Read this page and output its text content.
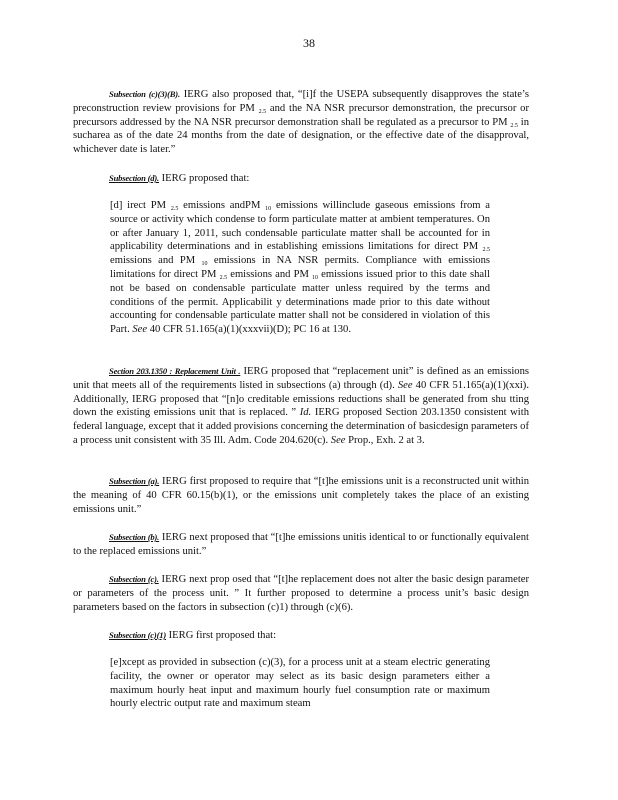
38

Subsection (c)(3)(B). IERG also proposed that, “[i]f the USEPA subsequently disapproves the state’s preconstruction review provisions for PM $_{2.5}$ and the NA NSR precursor demonstration, the precursor or precursors addressed by the NA NSR precursor demonstration shall be regulated as a precursor to PM $_{2.5}$ in sucharea as of the date 24 months from the date of designation, or the effective date of the disapproval, whichever date is later.”

Subsection (d). IERG proposed that:

[d] irect PM $_{2.5}$ emissions andPM $_{10}$ emissions willinclude gaseous emissions from a source or activity which condense to form particulate matter at ambient temperatures. On or after January 1, 2011, such condensable particulate matter shall be accounted for in applicability determinations and in establishing emissions limitations for direct PM $_{2.5}$ emissions and PM $_{10}$ emissions in NA NSR permits. Compliance with emissions limitations for direct PM $_{2.5}$ emissions and PM $_{10}$ emissions issued prior to this date shall not be based on condensable particulate matter unless required by the terms and conditions of the permit. Applicabilit y determinations made prior to this date without accounting for condensable particulate matter shall not be considered in violation of this Part. See 40 CFR 51.165(a)(1)(xxxvii)(D); PC 16 at 130.

Section 203.1350 : Replacement Unit . IERG proposed that “replacement unit” is defined as an emissions unit that meets all of the requirements listed in subsections (a) through (d). See 40 CFR 51.165(a)(1)(xxi). Additionally, IERG proposed that “[n]o creditable emissions reductions shall be generated from shu tting down the existing emissions unit that is replaced. ” Id. IERG proposed Section 203.1350 consistent with federal language, except that it added provisions concerning the determination of basicdesign parameters of a process unit consistent with 35 Ill. Adm. Code 204.620(c). See Prop., Exh. 2 at 3.

Subsection (a). IERG first proposed to require that “[t]he emissions unit is a reconstructed unit within the meaning of 40 CFR 60.15(b)(1), or the emissions unit completely takes the place of an existing emissions unit.”

Subsection (b). IERG next proposed that “[t]he emissions unitis identical to or functionally equivalent to the replaced emissions unit.”

Subsection (c). IERG next prop osed that “[t]he replacement does not alter the basic design parameter or parameters of the process unit. ” It further proposed to determine a process unit’s basic design parameters based on the factors in subsection (c)1) through (c)(6).

Subsection (c)(1) IERG first proposed that:

[e]xcept as provided in subsection (c)(3), for a process unit at a steam electric generating facility, the owner or operator may select as its basic design parameters either a maximum hourly heat input and maximum hourly fuel consumption rate or maximum hourly electric output rate and maximum steam
